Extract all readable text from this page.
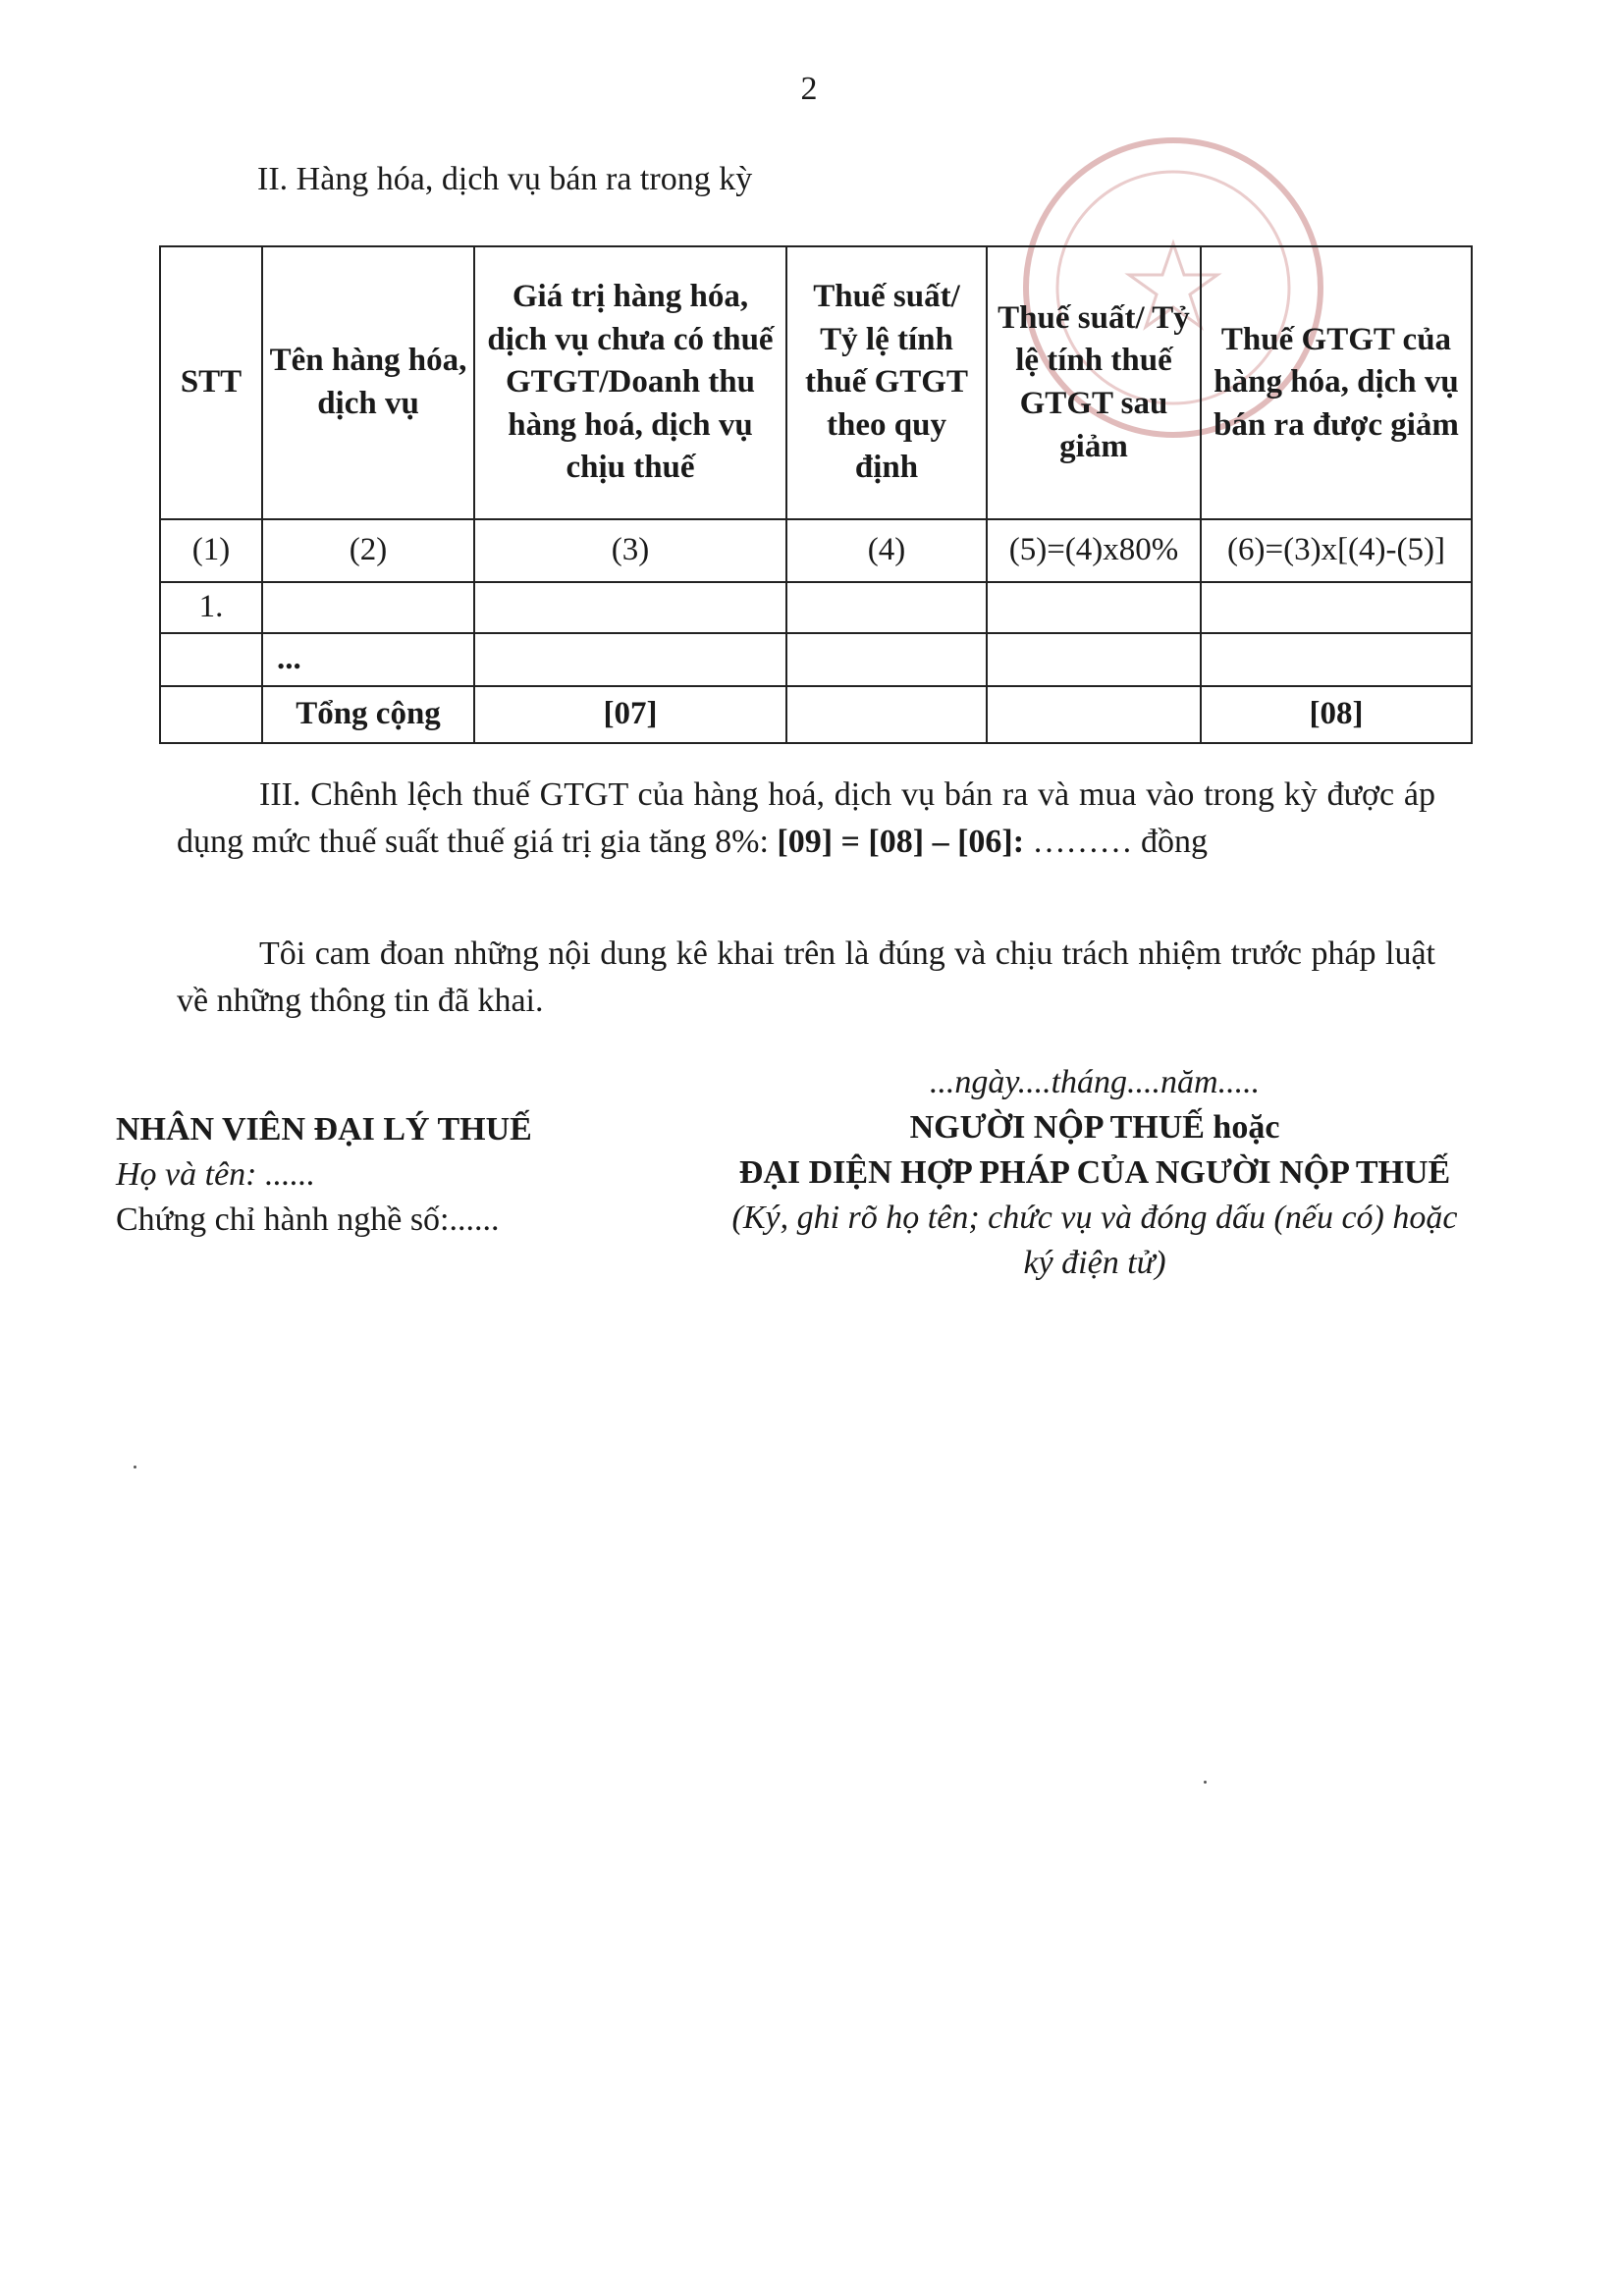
2
II. Hàng hóa, dịch vụ bán ra trong kỳ
STT	Tên hàng hóa, dịch vụ	Giá trị hàng hóa, dịch vụ chưa có thuế GTGT/Doanh thu hàng hoá, dịch vụ chịu thuế	Thuế suất/ Tỷ lệ tính thuế GTGT theo quy định	Thuế suất/ Tỷ lệ tính thuế GTGT sau giảm	Thuế GTGT của hàng hóa, dịch vụ bán ra được giảm
(1)	(2)	(3)	(4)	(5)=(4)x80%	(6)=(3)x[(4)-(5)]
1.					
	...				
	Tổng cộng	[07]			[08]
III. Chênh lệch thuế GTGT của hàng hoá, dịch vụ bán ra và mua vào trong kỳ được áp dụng mức thuế suất thuế giá trị gia tăng 8%: [09] = [08] – [06]: ……… đồng
Tôi cam đoan những nội dung kê khai trên là đúng và chịu trách nhiệm trước pháp luật về những thông tin đã khai.
NHÂN VIÊN ĐẠI LÝ THUẾ
Họ và tên: ......
Chứng chỉ hành nghề số:......
...ngày....tháng....năm.....
NGƯỜI NỘP THUẾ hoặc
ĐẠI DIỆN HỢP PHÁP CỦA NGƯỜI NỘP THUẾ
(Ký, ghi rõ họ tên; chức vụ và đóng dấu (nếu có) hoặc ký điện tử)
